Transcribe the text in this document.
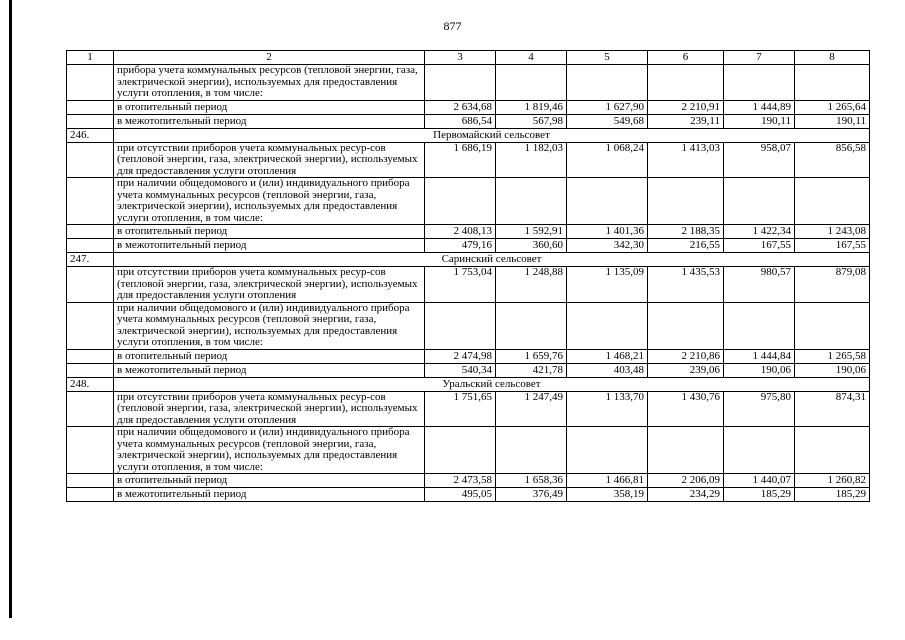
877
1	2	3	4	5	6	7	8
	прибора учета коммунальных ресурсов (тепловой энергии, газа, электрической энергии), используемых для предоставления услуги отопления, в том числе:						
	в отопительный период	2 634,68	1 819,46	1 627,90	2 210,91	1 444,89	1 265,64
	в межотопительный период	686,54	567,98	549,68	239,11	190,11	190,11
246.	Первомайский сельсовет						
	при отсутствии приборов учета коммунальных ресур-сов (тепловой энергии, газа, электрической энергии), используемых для предоставления услуги отопления	1 686,19	1 182,03	1 068,24	1 413,03	958,07	856,58
	при наличии общедомового и (или) индивидуального прибора учета коммунальных ресурсов (тепловой энергии, газа, электрической энергии), используемых для предоставления услуги отопления, в том числе:						
	в отопительный период	2 408,13	1 592,91	1 401,36	2 188,35	1 422,34	1 243,08
	в межотопительный период	479,16	360,60	342,30	216,55	167,55	167,55
247.	Саринский сельсовет						
	при отсутствии приборов учета коммунальных ресур-сов (тепловой энергии, газа, электрической энергии), используемых для предоставления услуги отопления	1 753,04	1 248,88	1 135,09	1 435,53	980,57	879,08
	при наличии общедомового и (или) индивидуального прибора учета коммунальных ресурсов (тепловой энергии, газа, электрической энергии), используемых для предоставления услуги отопления, в том числе:						
	в отопительный период	2 474,98	1 659,76	1 468,21	2 210,86	1 444,84	1 265,58
	в межотопительный период	540,34	421,78	403,48	239,06	190,06	190,06
248.	Уральский сельсовет						
	при отсутствии приборов учета коммунальных ресур-сов (тепловой энергии, газа, электрической энергии), используемых для предоставления услуги отопления	1 751,65	1 247,49	1 133,70	1 430,76	975,80	874,31
	при наличии общедомового и (или) индивидуального прибора учета коммунальных ресурсов (тепловой энергии, газа, электрической энергии), используемых для предоставления услуги отопления, в том числе:						
	в отопительный период	2 473,58	1 658,36	1 466,81	2 206,09	1 440,07	1 260,82
	в межотопительный период	495,05	376,49	358,19	234,29	185,29	185,29
